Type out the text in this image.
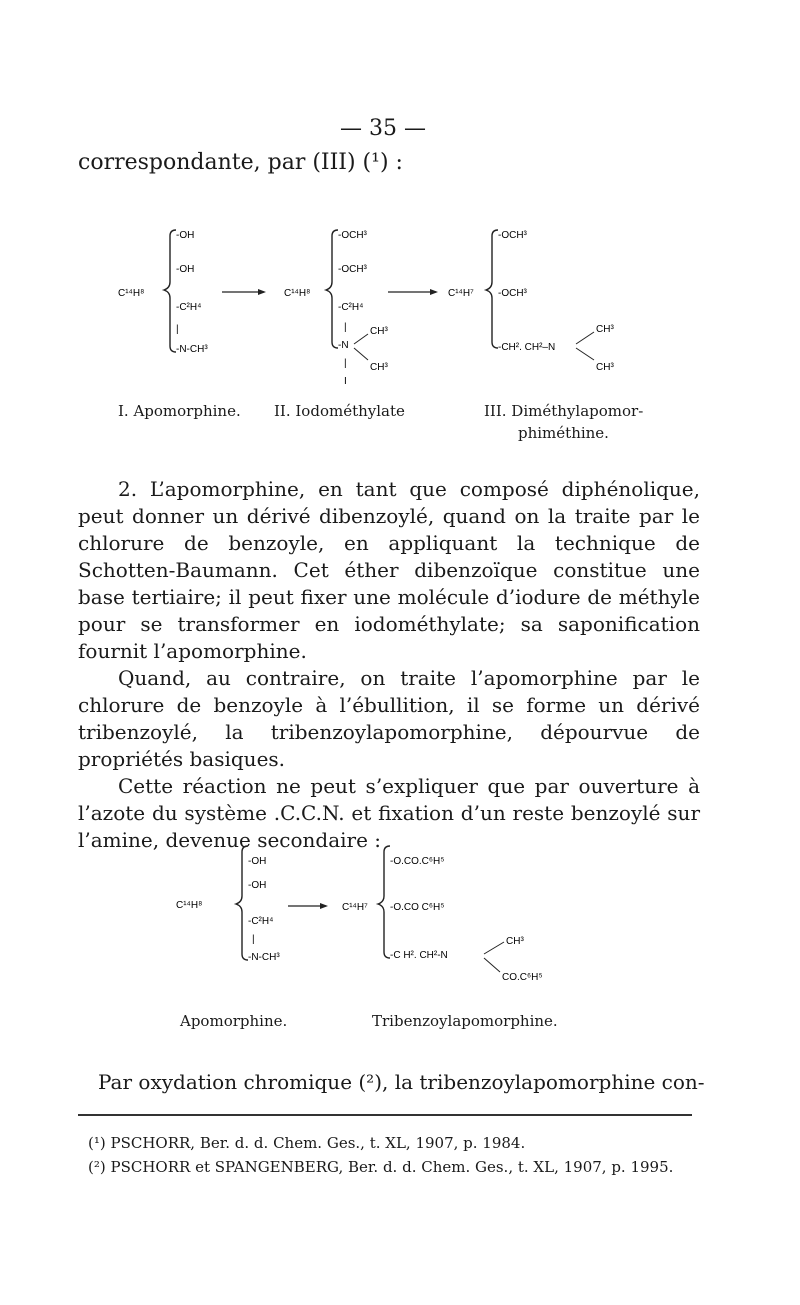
— 35 —
correspondante, par (III) (¹) :
C¹⁴H⁸
-OH
-OH
-C²H⁴
|
-N-CH³
C¹⁴H⁸
-OCH³
-OCH³
-C²H⁴
|
-N
|
I
CH³
CH³
C¹⁴H⁷
-OCH³
-OCH³
-CH². CH²–N
CH³
CH³
I. Apomorphine. II. Iodométhylate	III. Diméthylapomor-
phiméthine.

2. L’apomorphine, en tant que composé diphénolique, peut donner un dérivé dibenzoylé, quand on la traite par le chlorure de benzoyle, en appliquant la technique de Schotten-Baumann. Cet éther dibenzoïque constitue une base tertiaire; il peut fixer une molécule d’iodure de méthyle pour se transformer en iodométhylate; sa saponification fournit l’apomorphine.

Quand, au contraire, on traite l’apomorphine par le chlorure de benzoyle à l’ébullition, il se forme un dérivé tribenzoylé, la tribenzoylapomorphine, dépourvue de propriétés basiques.

Cette réaction ne peut s’expliquer que par ouverture à l’azote du système .C.C.N. et fixation d’un reste benzoylé sur l’amine, devenue secondaire :

C¹⁴H⁸
-OH
-OH
-C²H⁴
|
-N-CH³
C¹⁴H⁷
-O.CO.C⁶H⁵
-O.CO C⁶H⁵
-C H². CH²-N
CH³
CO.C⁶H⁵
Apomorphine.	Tribenzoylapomorphine.
Par oxydation chromique (²), la tribenzoylapomorphine con-
(¹) PSCHORR, Ber. d. d. Chem. Ges., t. XL, 1907, p. 1984.
(²) PSCHORR et SPANGENBERG, Ber. d. d. Chem. Ges., t. XL, 1907, p. 1995.
